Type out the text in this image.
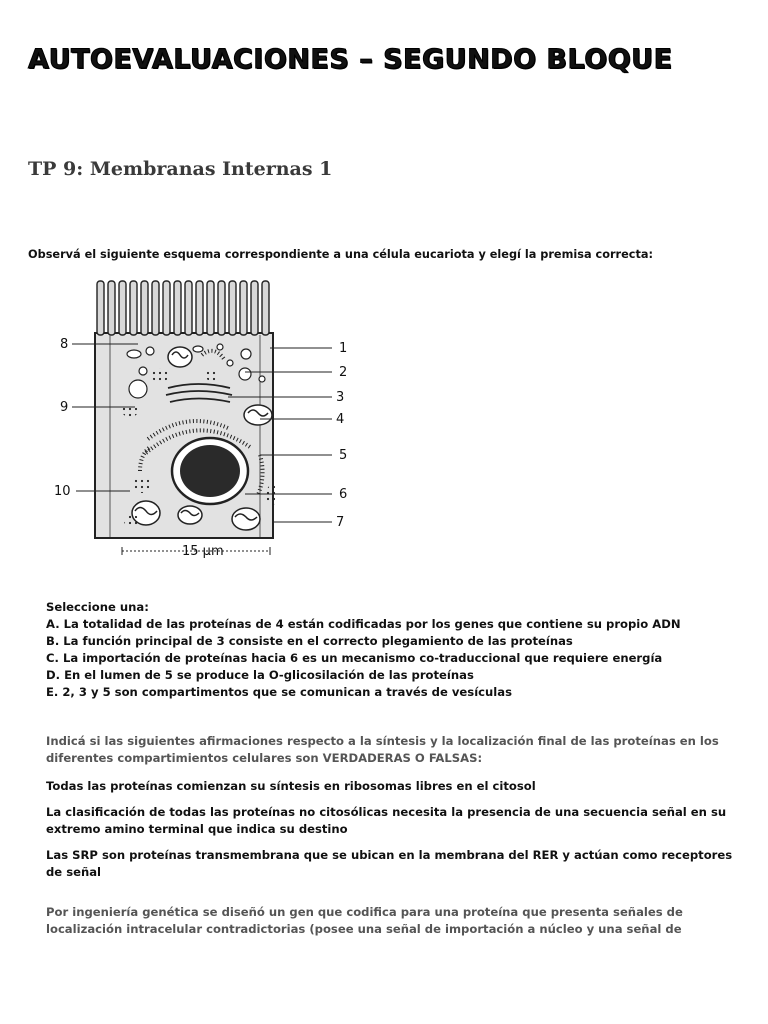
AUTOEVALUACIONES – SEGUNDO BLOQUE
TP 9: Membranas Internas 1
Observá el siguiente esquema correspondiente a una célula eucariota y elegí la premisa correcta:
15 μm
8
9
10
1
2
3
4
5
6
7
Seleccione una:
A. La totalidad de las proteínas de 4 están codificadas por los genes que contiene su propio ADN
B. La función principal de 3 consiste en el correcto plegamiento de las proteínas
C. La importación de proteínas hacia 6 es un mecanismo co-traduccional que requiere energía
D. En el lumen de 5 se produce la O-glicosilación de las proteínas
E. 2, 3 y 5 son compartimentos que se comunican a través de vesículas
Indicá si las siguientes afirmaciones respecto a la síntesis y la localización final de las proteínas en los diferentes compartimientos celulares son VERDADERAS O FALSAS:
Todas las proteínas comienzan su síntesis en ribosomas libres en el citosol
La clasificación de todas las proteínas no citosólicas necesita la presencia de una secuencia señal en su extremo amino terminal que indica su destino
Las SRP son proteínas transmembrana que se ubican en la membrana del RER y actúan como receptores de señal
Por ingeniería genética se diseñó un gen que codifica para una proteína que presenta señales de localización intracelular contradictorias (posee una señal de importación a núcleo y una señal de
